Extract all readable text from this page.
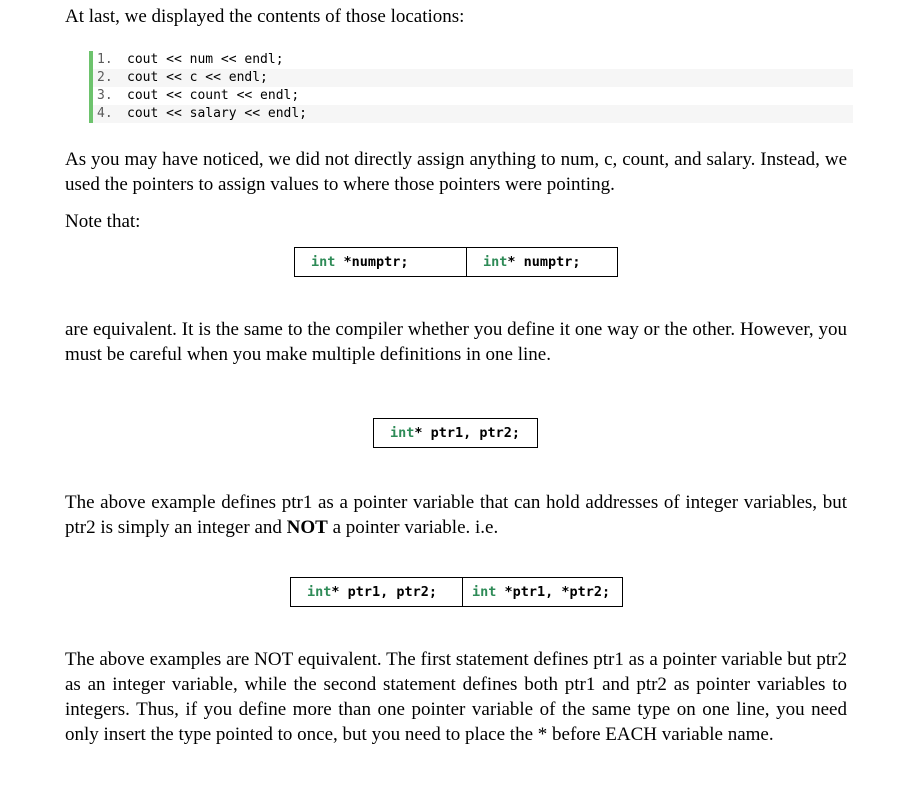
At last, we displayed the contents of those locations:

1. cout << num << endl;
2. cout << c << endl;
3. cout << count << endl;
4. cout << salary << endl;

As you may have noticed, we did not directly assign anything to num, c, count, and salary. Instead, we used the pointers to assign values to where those pointers were pointing.

Note that:

int *numptr;	int* numptr;

are equivalent. It is the same to the compiler whether you define it one way or the other. However, you must be careful when you make multiple definitions in one line.

int* ptr1, ptr2;

The above example defines ptr1 as a pointer variable that can hold addresses of integer variables, but ptr2 is simply an integer and NOT a pointer variable. i.e.

int* ptr1, ptr2;	int *ptr1, *ptr2;

The above examples are NOT equivalent. The first statement defines ptr1 as a pointer variable but ptr2 as an integer variable, while the second statement defines both ptr1 and ptr2 as pointer variables to integers. Thus, if you define more than one pointer variable of the same type on one line, you need only insert the type pointed to once, but you need to place the * before EACH variable name.
